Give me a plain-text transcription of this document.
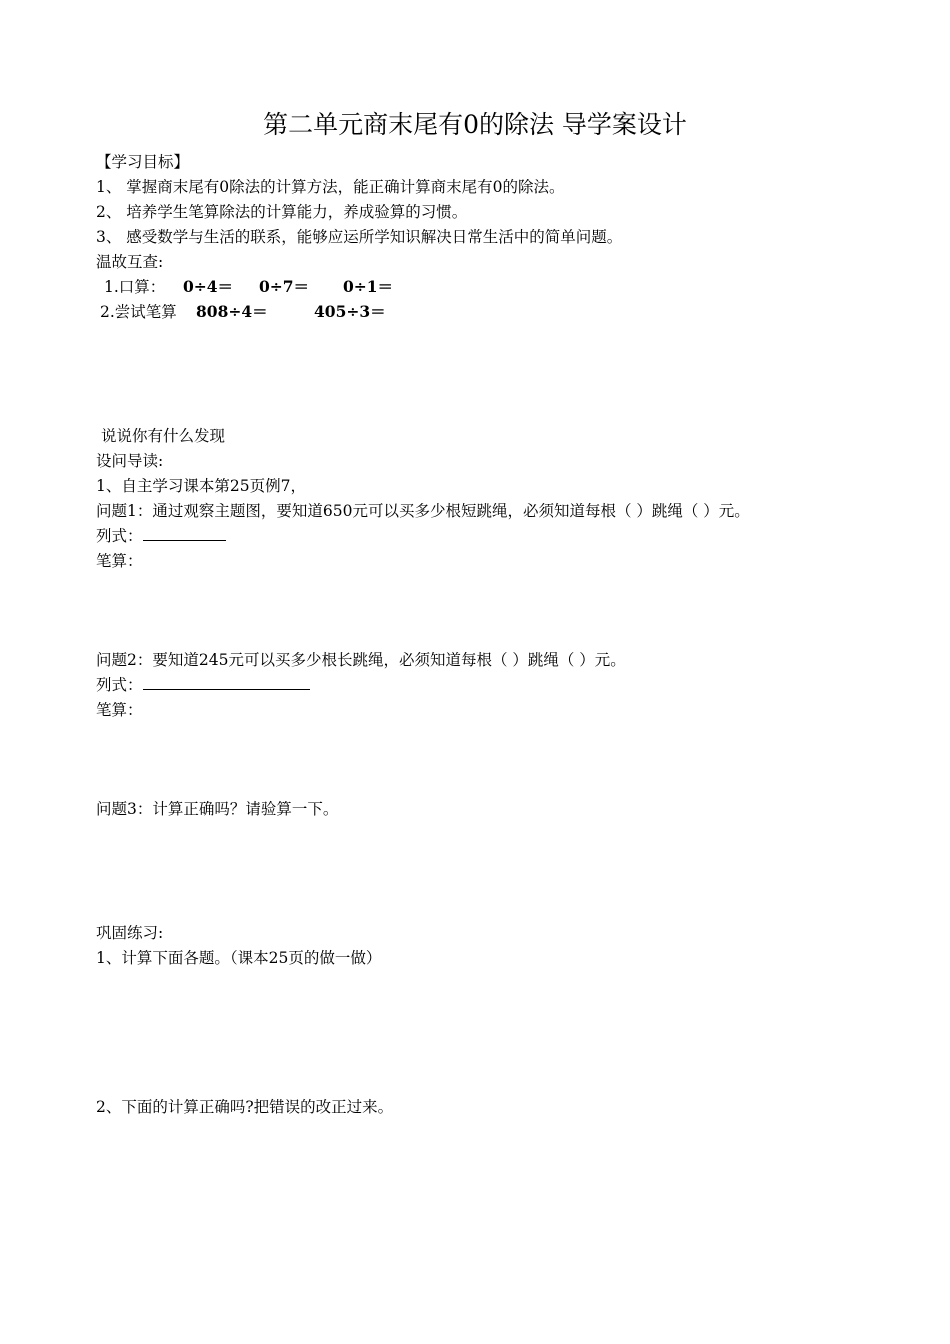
第二单元商末尾有0的除法 导学案设计
【学习目标】
1、 掌握商末尾有0除法的计算方法，能正确计算商末尾有0的除法。
2、 培养学生笔算除法的计算能力，养成验算的习惯。
3、 感受数学与生活的联系，能够应运所学知识解决日常生活中的简单问题。
温故互查:
1.口算： 0÷4＝ 0÷7＝ 0÷1＝
2.尝试笔算 808÷4＝	405÷3＝
说说你有什么发现
设问导读:
1、自主学习课本第25页例7，
问题1：通过观察主题图，要知道650元可以买多少根短跳绳，必须知道每根（ ）跳绳（ ）元。
列式：
笔算：
问题2：要知道245元可以买多少根长跳绳，必须知道每根（ ）跳绳（ ）元。
列式：
笔算：
问题3：计算正确吗？请验算一下。
巩固练习:
1、计算下面各题。（课本25页的做一做）
2、下面的计算正确吗?把错误的改正过来。
